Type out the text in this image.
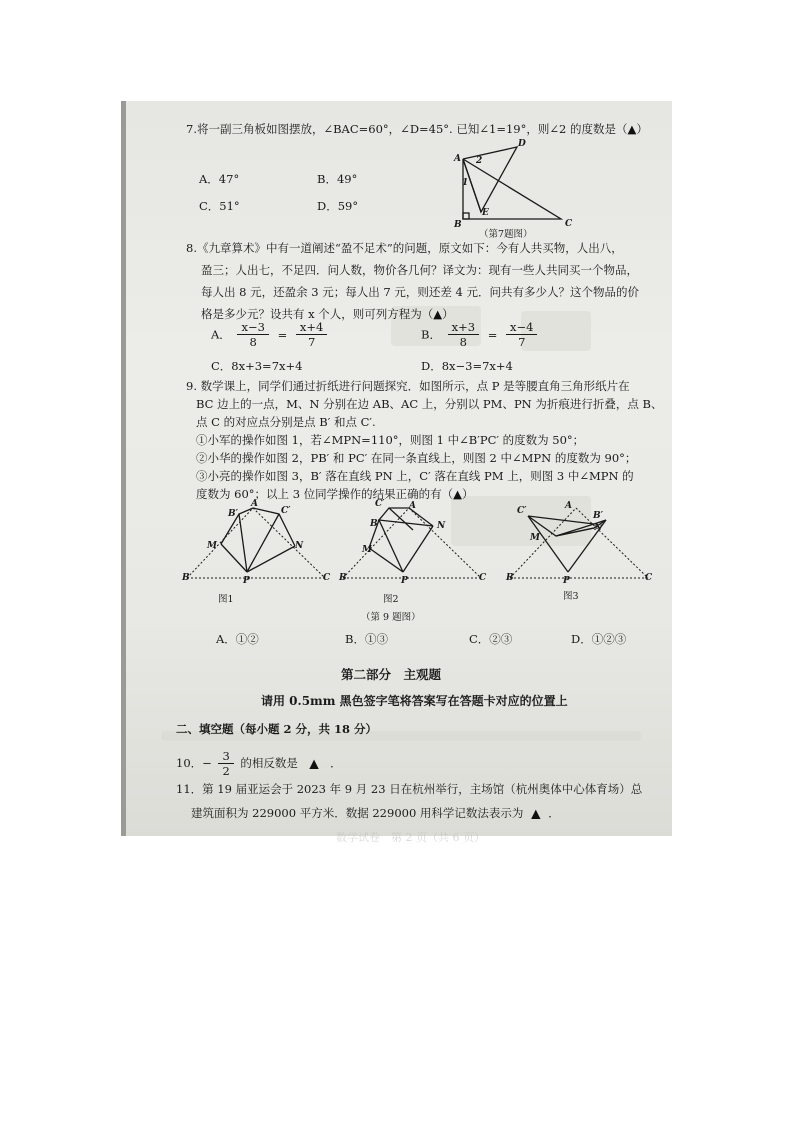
7.将一副三角板如图摆放，∠BAC=60°，∠D=45°. 已知∠1=19°，则∠2 的度数是（▲）
A．47°	B．49°
C．51°	D．59°
A
B	C
D
E
1
2
（第7题图）
8.《九章算术》中有一道阐述“盈不足术”的问题，原文如下：今有人共买物，人出八，
盈三；人出七，不足四．问人数，物价各几何？译文为：现有一些人共同买一个物品，
每人出 8 元，还盈余 3 元；每人出 7 元，则还差 4 元．问共有多少人？这个物品的价
格是多少元？设共有 x 个人，则可列方程为（▲）
A． $\frac{x-3}{8} = \frac{x+4}{7}$	B． $\frac{x+3}{8} = \frac{x-4}{7}$
C．8x+3=7x+4	D．8x−3=7x+4
9. 数学课上，同学们通过折纸进行问题探究．如图所示，点 P 是等腰直角三角形纸片在
BC 边上的一点，M、N 分别在边 AB、AC 上，分别以 PM、PN 为折痕进行折叠，点 B、
点 C 的对应点分别是点 B′ 和点 C′.
①小军的操作如图 1，若∠MPN=110°，则图 1 中∠B′PC′ 的度数为 50°；
②小华的操作如图 2，PB′ 和 PC′ 在同一条直线上，则图 2 中∠MPN 的度数为 90°；
③小亮的操作如图 3，B′ 落在直线 PN 上，C′ 落在直线 PM 上，则图 3 中∠MPN 的
度数为 60°；以上 3 位同学操作的结果正确的有（▲）
A
B′	C′
M	N
B	P	C
图1
C′	A
B′
M
N
B	P	C
图2
C′	A
B′
N
M
B	P	C
图3
（第 9 题图）
A．①②	B．①③	C．②③	D．①②③
第二部分　主观题
请用 0.5mm 黑色签字笔将答案写在答题卡对应的位置上
二、填空题（每小题 2 分，共 18 分）
10．− $\frac{3}{2}$ 的相反数是 ▲ ．
11．第 19 届亚运会于 2023 年 9 月 23 日在杭州举行，主场馆（杭州奥体中心体育场）总
建筑面积为 229000 平方米．数据 229000 用科学记数法表示为 ▲ ．
数学试卷　第 2 页（共 6 页）
